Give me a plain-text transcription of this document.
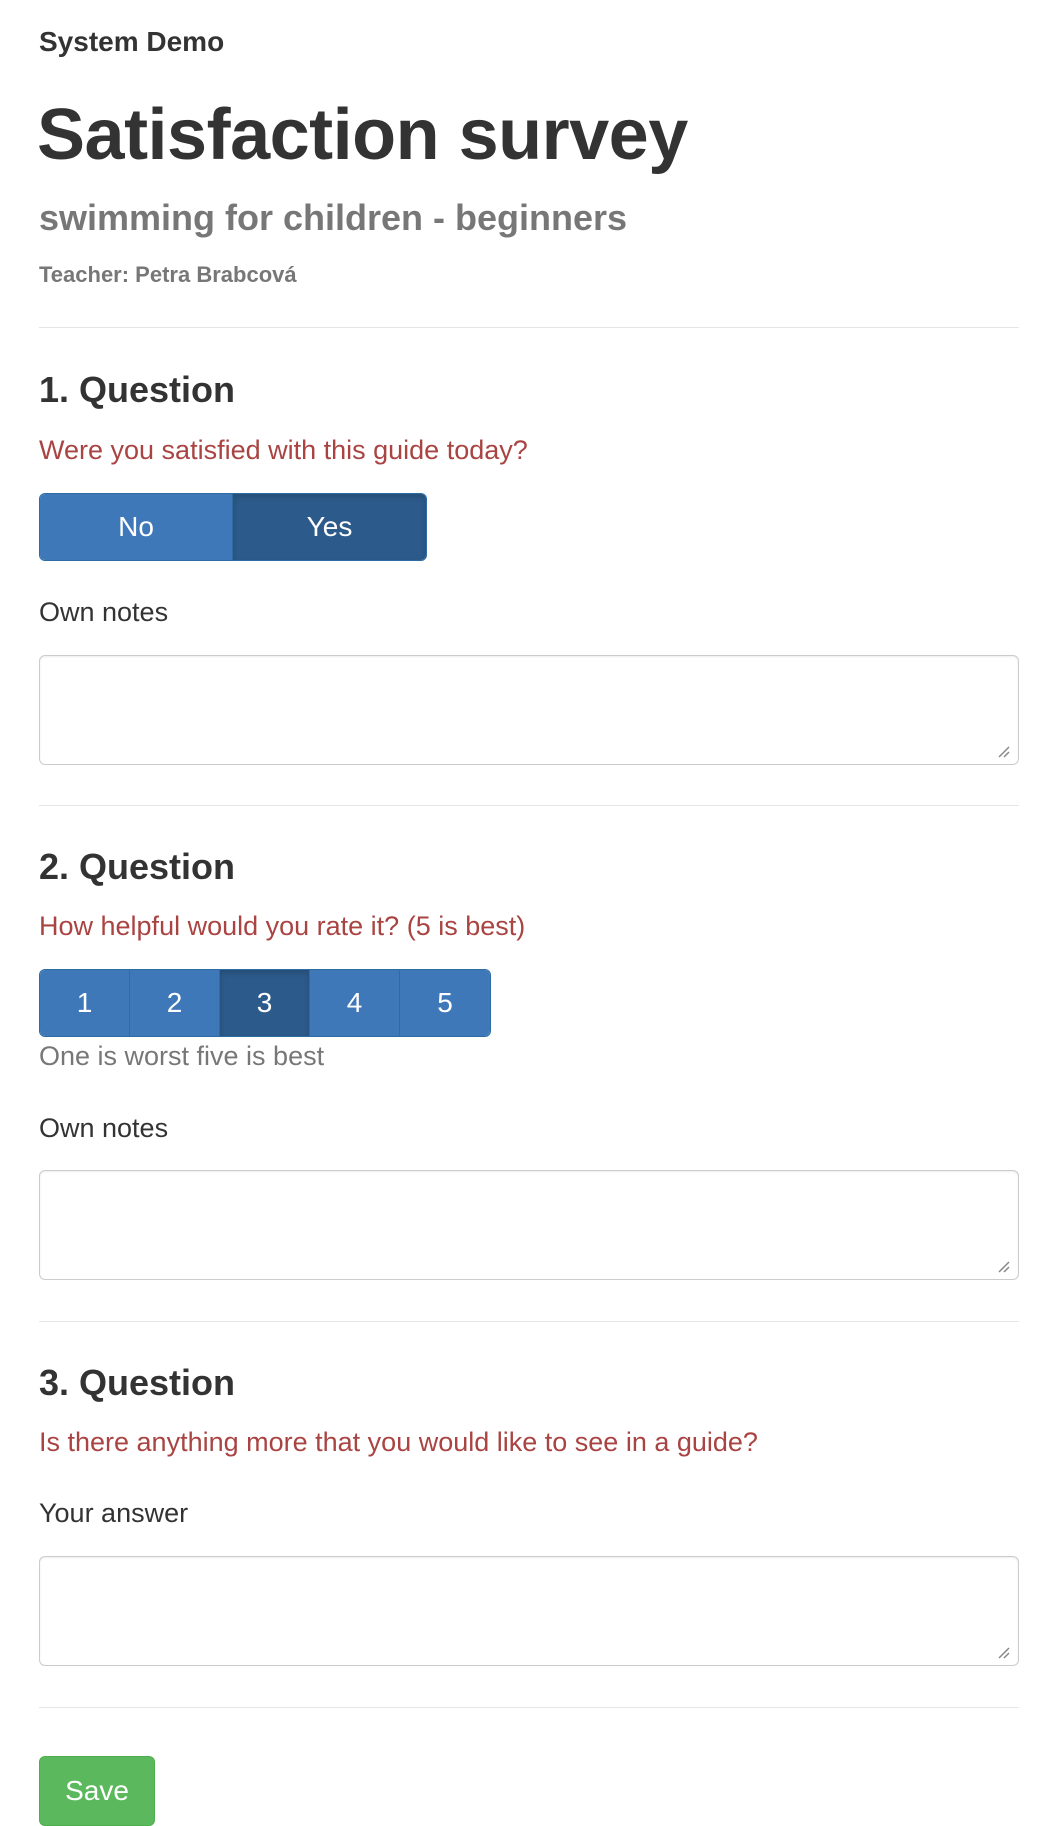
System Demo
Satisfaction survey
swimming for children - beginners
Teacher: Petra Brabcová
1. Question
Were you satisfied with this guide today?
No	Yes
Own notes
2. Question
How helpful would you rate it? (5 is best)
1	2	3	4	5
One is worst five is best
Own notes
3. Question
Is there anything more that you would like to see in a guide?
Your answer
Save
